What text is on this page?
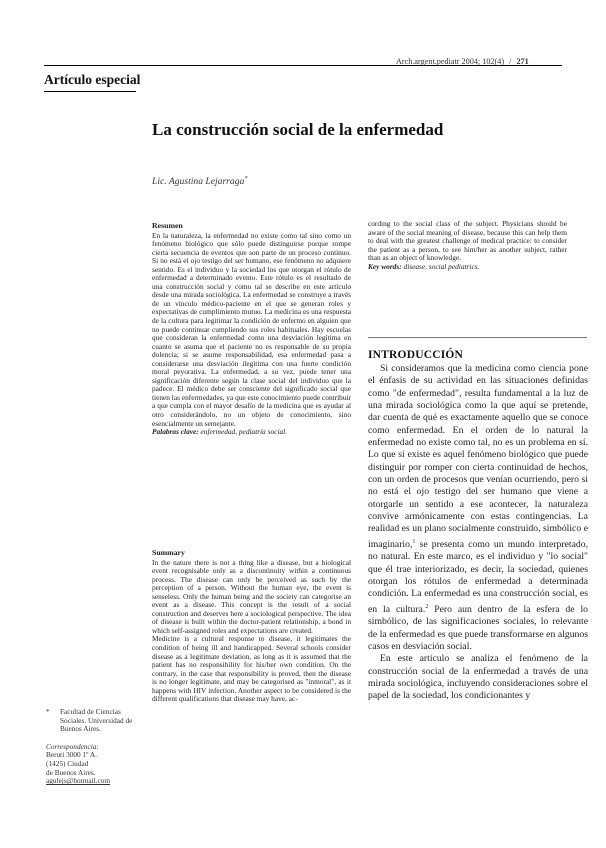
Arch.argent.pediatr 2004; 102(4) / 271
Artículo especial
La construcción social de la enfermedad
Lic. Agustina Lejarraga*
Resumen

En la naturaleza, la enfermedad no existe como tal sino como un fenómeno biológico que sólo puede distinguirse porque rompe cierta secuencia de eventos que son parte de un proceso continuo. Si no está el ojo testigo del ser humano, ese fenómeno no adquiere sentido. Es el individuo y la sociedad los que otorgan el rótulo de enfermedad a determinado evento. Este rótulo es el resultado de una construcción social y como tal se describe en este artículo desde una mirada sociológica. La enfermedad se construye a través de un vínculo médico-paciente en el que se generan roles y expectativas de cumplimiento mutuo. La medicina es una respuesta de la cultura para legitimar la condición de enfermo en alguien que no puede continuar cumpliendo sus roles habituales. Hay escuelas que consideran la enfermedad como una desviación legítima en cuanto se asuma que el paciente no es responsable de su propia dolencia; si se asume responsabilidad, esa enfermedad pasa a considerarse una desviación ilegítima con una fuerte condición moral peyorativa. La enfermedad, a su vez, puede tener una significación diferente según la clase social del individuo que la padece. El médico debe ser consciente del significado social que tienen las enfermedades, ya que este conocimiento puede contribuir a que cumpla con el mayor desafío de la medicina que es ayudar al otro considerándolo, no un objeto de conocimiento, sino esencialmente un semejante.

Palabras clave: enfermedad, pediatría social.

Summary

In the nature there is not a thing like a disease, but a biological event recognisable only as a discontinuity within a continuous process. The disease can only be perceived as such by the perception of a person. Without the human eye, the event is senseless. Only the human being and the society can categorise an event as a disease. This concept is the result of a social construction and deserves here a sociological perspective. The idea of disease is built within the doctor-patient relationship, a bond in which self-assigned roles and expectations are created.

Medicine is a cultural response to disease, it legitimates the condition of being ill and handicapped. Several schools consider disease as a legitimate deviation, as long as it is assumed that the patient has no responsibility for his/her own condition. On the contrary, in the case that responsibility is proved, then the disease is no longer legitimate, and may be categorised as "inmoral", as it happens with HIV infection. Another aspect to be considered is the different qualifications that disease may have, ac-

cording to the social class of the subject. Physicians should be aware of the social meaning of disease, because this can help them to deal with the greatest challenge of medical practice: to consider the patient as a person, to see him/her as another subject, rather than as an object of knowledge.

Key words: disease, social pediatrics.

INTRODUCCIÓN

Si consideramos que la medicina como ciencia pone el énfasis de su actividad en las situaciones definidas como "de enfermedad", resulta fundamental a la luz de una mirada sociológica como la que aquí se pretende, dar cuenta de qué es exactamente aquello que se conoce como enfermedad. En el orden de lo natural la enfermedad no existe como tal, no es un problema en sí. Lo que sí existe es aquel fenómeno biológico que puede distinguir por romper con cierta continuidad de hechos, con un orden de procesos que venían ocurriendo, pero si no está el ojo testigo del ser humano que viene a otorgarle un sentido a ese acontecer, la naturaleza convive armónicamente con estas contingencias. La realidad es un plano socialmente construido, simbólico e imaginario,$^1$ se presenta como un mundo interpretado, no natural. En este marco, es el individuo y "lo social" que él trae interiorizado, es decir, la sociedad, quienes otorgan los rótulos de enfermedad a determinada condición. La enfermedad es una construcción social, es en la cultura.$^2$ Pero aun dentro de la esfera de lo simbólico, de las significaciones sociales, lo relevante de la enfermedad es que puede transformarse en algunos casos en desviación social.

En este artículo se analiza el fenómeno de la construcción social de la enfermedad a través de una mirada sociológica, incluyendo consideraciones sobre el papel de la sociedad, los condicionantes y

*	Facultad de Ciencias Sociales. Universidad de Buenos Aires.
Correspondencia:
Beruti 3000 1º A.
(1425) Ciudad
de Buenos Aires.
agulejs@hotmail.com
